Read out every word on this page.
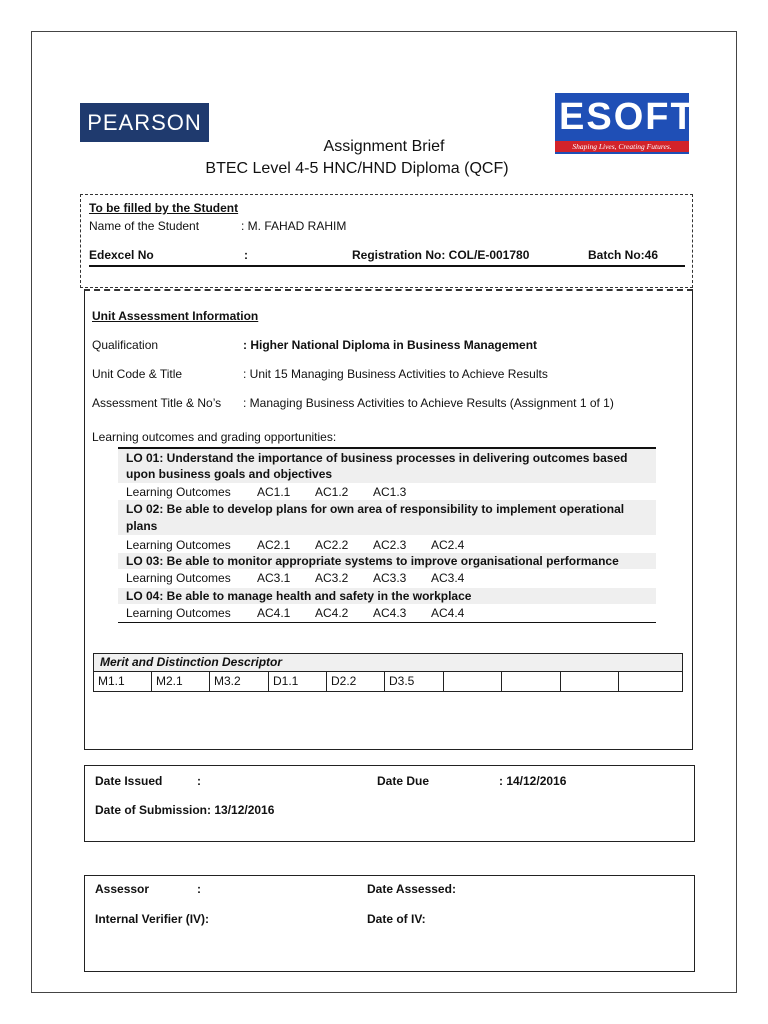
PEARSON	ESOFT
Shaping Lives, Creating Futures.
Assignment Brief
BTEC Level 4-5 HNC/HND Diploma (QCF)
To be filled by the Student
Name of the Student	: M. FAHAD RAHIM
Edexcel No	:	Registration No: COL/E-001780	Batch No:46
Unit Assessment Information
Qualification	: Higher National Diploma in Business Management
Unit Code & Title	: Unit 15 Managing Business Activities to Achieve Results
Assessment Title & No’s : Managing Business Activities to Achieve Results (Assignment 1 of 1)
Learning outcomes and grading opportunities:
LO 01: Understand the importance of business processes in delivering outcomes based
upon business goals and objectives
Learning Outcomes AC1.1 AC1.2 AC1.3
LO 02: Be able to develop plans for own area of responsibility to implement operational
plans
Learning Outcomes AC2.1 AC2.2 AC2.3 AC2.4
LO 03: Be able to monitor appropriate systems to improve organisational performance
Learning Outcomes AC3.1 AC3.2 AC3.3 AC3.4
LO 04: Be able to manage health and safety in the workplace
Learning Outcomes AC4.1 AC4.2 AC4.3 AC4.4
Merit and Distinction Descriptor
M1.1	M2.1	M3.2	D1.1	D2.2	D3.5
Date Issued	:	Date Due	: 14/12/2016
Date of Submission: 13/12/2016
Assessor	:	Date Assessed:
Internal Verifier (IV):	Date of IV:
